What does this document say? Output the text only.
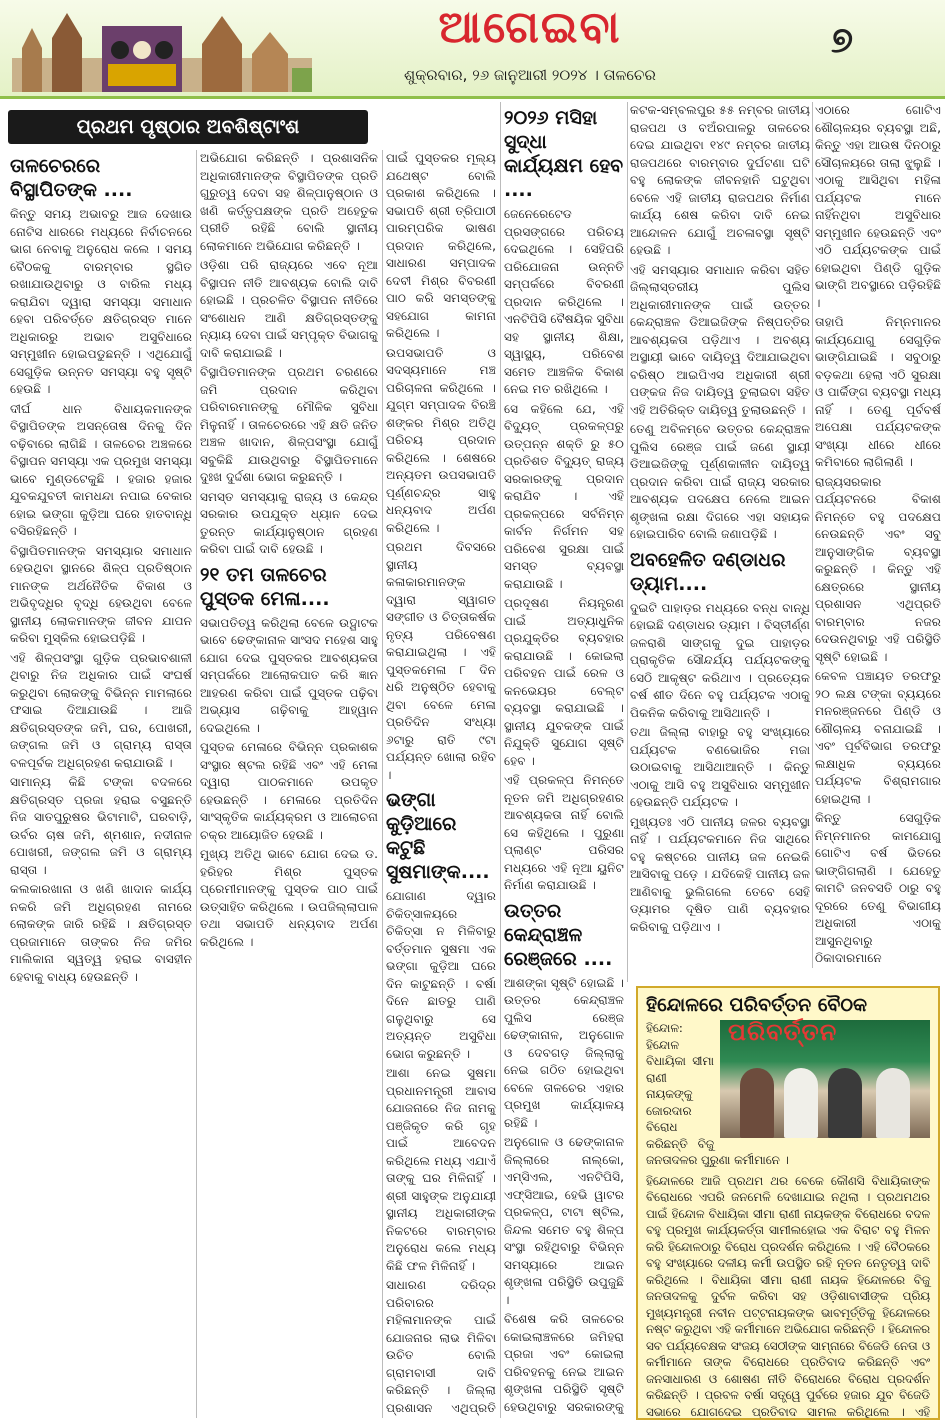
ଆଗେଇବା
ଶୁକ୍ରବାର, ୨୬ ଜାନୁଆରୀ ୨୦୨୪ । ତାଳଚେର
୭
ପ୍ରଥମ ପୃଷ୍ଠାର ଅବଶିଷ୍ଟାଂଶ
ତାଳଚେରରେ ବିସ୍ଥାପିତଙ୍କ ....

କିନ୍ତୁ ସମୟ ଅଭାବରୁ ଆଜ ଦେଖାଉ ନୋଟିସ ଧାରରେ ମଧ୍ୟରେ ନିର୍ବାଚନରେ ଭାଗ ନେବାକୁ ଅନୁରୋଧ କଲେ । ସମୟ ବୈଠକକୁ ବାରମ୍ବାର ସ୍ଥଗିତ ରଖାଯାଉଥିବାରୁ ଓ ବାରିଲ ମଧ୍ୟ କରାଯିବା ଦ୍ୱାରା ସମସ୍ୟା ସମାଧାନ ହେବା ପରିବର୍ତ୍ତେ କ୍ଷତିଗ୍ରସ୍ତ ମାନେ ଅଧିକାରରୁ ଅଭାବ ଅସୁବିଧାରେ ସମ୍ମୁଖୀନ ହୋଇପଡୁଛନ୍ତି । ଏଥିଯୋଗୁଁ ସେଗୁଡ଼ିକ ଉନ୍ନତ ସମସ୍ୟା ବହୁ ସୃଷ୍ଟି ହେଉଛି ।

ଦୀର୍ଘ ଧାନ ବିଧାୟକମାନଙ୍କ ବିସ୍ଥାପିତଙ୍କ ଅସନ୍ତୋଷ ଦିନକୁ ଦିନ ବଢ଼ିବାରେ ଲାଗିଛି । ତାଳଚେର ଅଞ୍ଚଳରେ ବିସ୍ଥାପନ ସମସ୍ୟା ଏକ ପ୍ରମୁଖ ସମସ୍ୟା ଭାବେ ମୁଣ୍ଡଟେକୁଛି । ହଜାର ହଜାର ଯୁବକଯୁବତୀ କାମଧନ୍ଦା ନପାଇ ବେକାର ହୋଇ ଭଙ୍ଗା କୁଡ଼ିଆ ଘରେ ହାତବାନ୍ଧି ବସିରହିଛନ୍ତି ।

ବିସ୍ଥାପିତମାନଙ୍କ ସମସ୍ୟାର ସମାଧାନ ହେଉଥିବା ସ୍ଥାନରେ ଶିଳ୍ପ ପ୍ରତିଷ୍ଠାନ ମାନଙ୍କ ଅର୍ଥନୈତିକ ବିକାଶ ଓ ଅଭିବୃଦ୍ଧିର ବୃଦ୍ଧି ହେଉଥିବା ବେଳେ ସ୍ଥାନୀୟ ଲୋକମାନଙ୍କ ଜୀବନ ଯାପନ କରିବା ମୁସ୍କିଲ ହୋଇପଡ଼ିଛି ।

ଏହି ଶିଳ୍ପସଂସ୍ଥା ଗୁଡ଼ିକ ପ୍ରଭାବଶାଳୀ ଥିବାରୁ ନିଜ ଅଧିକାର ପାଇଁ ସଂଘର୍ଷ କରୁଥିବା ଲୋକଙ୍କୁ ବିଭିନ୍ନ ମାମଲାରେ ଫସାଇ ଦିଆଯାଉଛି । ଆଜି କ୍ଷତିଗ୍ରସ୍ତଙ୍କ ଜମି, ଘର, ପୋଖରୀ, ଜଙ୍ଗଲ ଜମି ଓ ଗ୍ରାମ୍ୟ ରାସ୍ତା ବଳପୂର୍ବକ ଅଧିଗ୍ରହଣ କରାଯାଉଛି ।

ସାମାନ୍ୟ କିଛି ଟଙ୍କା ବଦଳରେ କ୍ଷତିଗ୍ରସ୍ତ ପ୍ରଜା ହରାଇ ବସୁଛନ୍ତି ନିଜ ସାତପୁରୁଷର ଭିଟାମାଟି, ଘରବାଡ଼ି, ଉର୍ବର ଚାଷ ଜମି, ଶ୍ମଶାନ, ନଦୀନାଳ ପୋଖରୀ, ଜଙ୍ଗଲ ଜମି ଓ ଗ୍ରାମ୍ୟ ରାସ୍ତା ।

କଲକାରଖାନା ଓ ଖଣି ଖାଦାନ କାର୍ଯ୍ୟ ନକରି ଜମି ଅଧିଗ୍ରହଣ ନାମରେ ଲୋକଙ୍କ ଜାରି ରହିଛି । କ୍ଷତିଗ୍ରସ୍ତ ପ୍ରଜାମାନେ ତାଙ୍କର ନିଜ ଜମିର ମାଲିକାନା ସ୍ୱତ୍ୱ ହରାଇ ବାସହୀନ ହେବାକୁ ବାଧ୍ୟ ହେଉଛନ୍ତି ।

ଅଭିଯୋଗ କରିଛନ୍ତି । ପ୍ରଶାସନିକ ଅଧିକାରୀମାନଙ୍କ ବିସ୍ଥାପିତଙ୍କ ପ୍ରତି ଗୁରୁତ୍ୱ ଦେବା ସହ ଶିଳ୍ପାନୁଷ୍ଠାନ ଓ ଖଣି କର୍ତ୍ତୃପକ୍ଷଙ୍କ ପ୍ରତି ଅହେତୁକ ପ୍ରୀତି ରହିଛି ବୋଲି ସ୍ଥାନୀୟ ଲୋକମାନେ ଅଭିଯୋଗ କରିଛନ୍ତି ।

ଓଡ଼ିଶା ପରି ରାଜ୍ୟରେ ଏବେ ନୂଆ ବିସ୍ଥାପନ ନୀତି ଆବଶ୍ୟକ ବୋଲି ଦାବି ହୋଇଛି । ପ୍ରଚଳିତ ବିସ୍ଥାପନ ନୀତିରେ ସଂଶୋଧନ ଆଣି କ୍ଷତିଗ୍ରସ୍ତଙ୍କୁ ନ୍ୟାୟ ଦେବା ପାଇଁ ସମ୍ପୃକ୍ତ ବିଭାଗକୁ ଦାବି କରାଯାଇଛି ।

ବିସ୍ଥାପିତମାନଙ୍କ ପ୍ରଥମ ଚରଣରେ ଜମି ପ୍ରଦାନ କରିଥିବା ପରିବାରମାନଙ୍କୁ ମୌଳିକ ସୁବିଧା ମିଳୁନାହିଁ । ତାଳଚେରରେ ଏହି କ୍ଷତି ଜନିତ ଅଞ୍ଚଳ ଖାଦାନ, ଶିଳ୍ପସଂସ୍ଥା ଯୋଗୁଁ ସବୁକିଛି ଯାଉଥିବାରୁ ବିସ୍ଥାପିତମାନେ ଦୁଃଖ ଦୁର୍ଦ୍ଦଶା ଭୋଗ କରୁଛନ୍ତି ।

ସମସ୍ତ ସମସ୍ୟାକୁ ରାଜ୍ୟ ଓ କେନ୍ଦ୍ର ସରକାର ଉପଯୁକ୍ତ ଧ୍ୟାନ ଦେଇ ତୁରନ୍ତ କାର୍ଯ୍ୟାନୁଷ୍ଠାନ ଗ୍ରହଣ କରିବା ପାଇଁ ଦାବି ହେଉଛି ।

୨୧ ତମ ତାଳଚେର ପୁସ୍ତକ ମେଳା....

ସଭାପତିତ୍ୱ କରିଥିଲା ବେଳେ ଉଦ୍ଘାଟକ ଭାବେ ଢେଙ୍କାନାଳ ସାଂସଦ ମହେଶ ସାହୁ ଯୋଗ ଦେଇ ପୁସ୍ତକର ଆବଶ୍ୟକତା ସମ୍ପର୍କରେ ଆଲୋକପାତ କରି ଜ୍ଞାନ ଆହରଣ କରିବା ପାଇଁ ପୁସ୍ତକ ପଢ଼ିବା ଅଭ୍ୟାସ ଗଢ଼ିବାକୁ ଆହ୍ୱାନ ଦେଇଥିଲେ ।

ପୁସ୍ତକ ମେଳାରେ ବିଭିନ୍ନ ପ୍ରକାଶକ ସଂସ୍ଥାର ଷ୍ଟଲ ରହିଛି ଏବଂ ଏହି ମେଳା ଦ୍ୱାରା ପାଠକମାନେ ଉପକୃତ ହେଉଛନ୍ତି । ମେଳାରେ ପ୍ରତିଦିନ ସାଂସ୍କୃତିକ କାର୍ଯ୍ୟକ୍ରମ ଓ ଆଲୋଚନା ଚକ୍ର ଆୟୋଜିତ ହେଉଛି ।

ମୁଖ୍ୟ ଅତିଥି ଭାବେ ଯୋଗ ଦେଇ ଡ. ହରିହର ମିଶ୍ର ପୁସ୍ତକ ପ୍ରେମୀମାନଙ୍କୁ ପୁସ୍ତକ ପାଠ ପାଇଁ ଉତ୍ସାହିତ କରିଥିଲେ । ଉପଜିଲ୍ଲାପାଳ ତଥା ସଭାପତି ଧନ୍ୟବାଦ ଅର୍ପଣ କରିଥିଲେ ।

ପାଇଁ ପୁସ୍ତକର ମୂଲ୍ୟ ଯଥେଷ୍ଟ ବୋଲି ପ୍ରକାଶ କରିଥିଲେ । ସଭାପତି ଶ୍ରୀ ତ୍ରିପାଠୀ ପାରମ୍ପରିକ ଭାଷଣ ପ୍ରଦାନ କରିଥିଲେ, ସାଧାରଣ ସମ୍ପାଦକ ଦେବୀ ମିଶ୍ର ବିବରଣୀ ପାଠ କରି ସମସ୍ତଙ୍କୁ ସହଯୋଗ କାମନା କରିଥିଲେ ।

ଉପସଭାପତି ଓ ସଦସ୍ୟମାନେ ମଞ୍ଚ ପରିଚାଳନା କରିଥିଲେ । ଯୁଗ୍ମ ସମ୍ପାଦକ ବିରଞ୍ଚି ଶଙ୍କର ମିଶ୍ର ଅତିଥି ପରିଚୟ ପ୍ରଦାନ କରିଥିଲେ । ଶେଷରେ ଅନ୍ୟତମ ଉପସଭାପତି ପୂର୍ଣ୍ଣଚନ୍ଦ୍ର ସାହୁ ଧନ୍ୟବାଦ ଅର୍ପଣ କରିଥିଲେ ।

ପ୍ରଥମ ଦିବସରେ ସ୍ଥାନୀୟ କଳାକାରମାନଙ୍କ ଦ୍ୱାରା ସ୍ୱାଗତ ସଙ୍ଗୀତ ଓ ଚିତ୍ତାକର୍ଷକ ନୃତ୍ୟ ପରିବେଷଣ କରାଯାଇଥିଲା । ଏହି ପୁସ୍ତକମେଳା ୮ ଦିନ ଧରି ଅନୁଷ୍ଠିତ ହେବାକୁ ଥିବା ବେଳେ ମେଳା ପ୍ରତିଦିନ ସଂଧ୍ୟା ୬ଟାରୁ ରାତି ୯ଟା ପର୍ଯ୍ୟନ୍ତ ଖୋଲା ରହିବ ।

ଭଙ୍ଗା କୁଡ଼ିଆରେ କଟୁଛି ସୁଷମାଙ୍କ....

ଯୋଗାଣ ଦ୍ୱାର ଚିକିତ୍ସାଳୟରେ ଚିକିତ୍ସା ନ ମିଳିବାରୁ ବର୍ତ୍ତମାନ ସୁଷମା ଏକ ଭଙ୍ଗା କୁଡ଼ିଆ ଘରେ ଦିନ କାଟୁଛନ୍ତି । ବର୍ଷା ଦିନେ ଛାତରୁ ପାଣି ଗଳୁଥିବାରୁ ସେ ଅତ୍ୟନ୍ତ ଅସୁବିଧା ଭୋଗ କରୁଛନ୍ତି ।

ଆଶା ନେଇ ସୁଷମା ପ୍ରଧାନମନ୍ତ୍ରୀ ଆବାସ ଯୋଜନାରେ ନିଜ ନାମକୁ ପଞ୍ଜିକୃତ କରି ଗୃହ ପାଇଁ ଆବେଦନ କରିଥିଲେ ମଧ୍ୟ ଏଯାଏଁ ତାଙ୍କୁ ଘର ମିଳିନାହିଁ । ଶ୍ରୀ ସାହୁଙ୍କ ଅନୁଯାୟୀ ସ୍ଥାନୀୟ ଅଧିକାରୀଙ୍କ ନିକଟରେ ବାରମ୍ବାର ଅନୁରୋଧ କଲେ ମଧ୍ୟ କିଛି ଫଳ ମିଳିନାହିଁ ।

ସାଧାରଣ ଦରିଦ୍ର ପରିବାରର ମହିଳାମାନଙ୍କ ପାଇଁ ଯୋଜନାର ଲାଭ ମିଳିବା ଉଚିତ ବୋଲି ଗ୍ରାମବାସୀ ଦାବି କରିଛନ୍ତି । ଜିଲ୍ଲା ପ୍ରଶାସନ ଏଥିପ୍ରତି

୨୦୨୬ ମସିହା ସୁଦ୍ଧା କାର୍ଯ୍ୟକ୍ଷମ ହେବ ....

ଜେନେରେଟେଡ ପ୍ରସଙ୍ଗରେ ପରିଚୟ ଦେଇଥିଲେ । ସେହିପରି ପରିଯୋଜନା ଉନ୍ନତି ସମ୍ପର୍କରେ ବିବରଣୀ ପ୍ରଦାନ କରିଥିଲେ । ଏନଟିପିସି ବୈଷୟିକ ସୁବିଧା ସହ ସ୍ଥାନୀୟ ଶିକ୍ଷା, ସ୍ୱାସ୍ଥ୍ୟ, ପରିବେଶ ସମେତ ଆଞ୍ଚଳିକ ବିକାଶ ନେଇ ମତ ରଖିଥିଲେ ।

ସେ କହିଲେ ଯେ, ଏହି ବିଦ୍ୟୁତ୍ ପ୍ରକଳ୍ପରୁ ଉତ୍ପନ୍ନ ଶକ୍ତି ରୁ ୫୦ ପ୍ରତିଶତ ବିଦ୍ୟୁତ୍ ରାଜ୍ୟ ସରକାରଙ୍କୁ ପ୍ରଦାନ କରାଯିବ । ଏହି ପ୍ରକଳ୍ପରେ ସର୍ବନିମ୍ନ କାର୍ବନ ନିର୍ଗମନ ସହ ପରିବେଶ ସୁରକ୍ଷା ପାଇଁ ସମସ୍ତ ବ୍ୟବସ୍ଥା କରାଯାଉଛି ।

ପ୍ରଦୂଷଣ ନିୟନ୍ତ୍ରଣ ପାଇଁ ଅତ୍ୟାଧୁନିକ ପ୍ରଯୁକ୍ତିର ବ୍ୟବହାର କରାଯାଉଛି । କୋଇଲା ପରିବହନ ପାଇଁ ରେଳ ଓ କନଭେୟର ବେଲ୍ଟ ବ୍ୟବସ୍ଥା କରାଯାଇଛି । ସ୍ଥାନୀୟ ଯୁବକଙ୍କ ପାଇଁ ନିଯୁକ୍ତି ସୁଯୋଗ ସୃଷ୍ଟି ହେବ ।

ଏହି ପ୍ରକଳ୍ପ ନିମନ୍ତେ ନୂତନ ଜମି ଅଧିଗ୍ରହଣର ଆବଶ୍ୟକତା ନାହିଁ ବୋଲି ସେ କହିଥିଲେ । ପୁରୁଣା ପ୍ଲାଣ୍ଟ ପରିସର ମଧ୍ୟରେ ଏହି ନୂଆ ୟୁନିଟ ନିର୍ମାଣ କରାଯାଉଛି ।

ଉତ୍ତର କେନ୍ଦ୍ରାଞ୍ଚଳ ରେଞ୍ଜରେ ....

ଆଶଙ୍କା ସୃଷ୍ଟି ହୋଇଛି । ଉତ୍ତର କେନ୍ଦ୍ରାଞ୍ଚଳ ପୁଲିସ ରେଞ୍ଜ ଢେଙ୍କାନାଳ, ଅନୁଗୋଳ ଓ ଦେବଗଡ଼ ଜିଲ୍ଲାକୁ ନେଇ ଗଠିତ ହୋଇଥିବା ବେଳେ ତାଳଚେର ଏହାର ପ୍ରମୁଖ କାର୍ଯ୍ୟାଳୟ ରହିଛି ।

ଅନୁଗୋଳ ଓ ଢେଙ୍କାନାଳ ଜିଲ୍ଲାରେ ନାଲ୍କୋ, ଏମ୍ସିଏଲ, ଏନଟିପିସି, ଏଫ୍ସିଆଇ, ହେଭି ୱାଟର ପ୍ରକଳ୍ପ, ଟାଟା ଷ୍ଟିଲ, ଜିନ୍ଦଲ ସମେତ ବହୁ ଶିଳ୍ପ ସଂସ୍ଥା ରହିଥିବାରୁ ବିଭିନ୍ନ ସମସ୍ୟାରେ ଆଇନ ଶୃଙ୍ଖଳା ପରିସ୍ଥିତି ଉପୁଜୁଛି ।

ବିଶେଷ କରି ତାଳଚେର କୋଇଲାଞ୍ଚଳରେ ଜମିହରା ପ୍ରଜା ଏବଂ କୋଇଲା ପରିବହନକୁ ନେଇ ଆଇନ ଶୃଙ୍ଖଳା ପରିସ୍ଥିତି ସୃଷ୍ଟି ହେଉଥିବାରୁ ସରକାରଙ୍କୁ

କଟକ-ସମ୍ବଲପୁର ୫୫ ନମ୍ବର ଜାତୀୟ ରାଜପଥ ଓ ବଅଁରପାଳରୁ ତାଳଚେର ଦେଇ ଯାଇଥିବା ୧୪୯ ନମ୍ବର ଜାତୀୟ ରାଜପଥରେ ବାରମ୍ବାର ଦୁର୍ଘଟଣା ଘଟି ବହୁ ଲୋକଙ୍କ ଜୀବନହାନି ଘଟୁଥିବା ବେଳେ ଏହି ଜାତୀୟ ରାଜପଥର ନିର୍ମାଣ କାର୍ଯ୍ୟ ଶେଷ କରିବା ଦାବି ନେଇ ଆନ୍ଦୋଳନ ଯୋଗୁଁ ଅଚଳାବସ୍ଥା ସୃଷ୍ଟି ହେଉଛି ।

ଏହି ସମସ୍ୟାର ସମାଧାନ କରିବା ସହିତ ଜିଲ୍ଲାସ୍ତରୀୟ ପୁଲିସ ଅଧିକାରୀମାନଙ୍କ ପାଇଁ ଉତ୍ତର କେନ୍ଦ୍ରାଞ୍ଚଳ ଡିଆଇଜିଙ୍କ ନିଷ୍ପତ୍ତିର ଆବଶ୍ୟକତା ପଡ଼ିଥାଏ । ଅବଶ୍ୟ ଅସ୍ଥାୟୀ ଭାବେ ଦାୟିତ୍ୱ ଦିଆଯାଇଥିବା ବରିଷ୍ଠ ଆଇପିଏସ ଅଧିକାରୀ ଶ୍ରୀ ପଙ୍କଜ ନିଜ ଦାୟିତ୍ୱ ତୁଲାଇବା ସହିତ ଏହି ଅତିରିକ୍ତ ଦାୟିତ୍ୱ ତୁଲାଉଛନ୍ତି ।

ତେଣୁ ଅବିଳମ୍ବେ ଉତ୍ତର କେନ୍ଦ୍ରାଞ୍ଚଳ ପୁଲିସ ରେଞ୍ଜ ପାଇଁ ଜଣେ ସ୍ଥାୟୀ ଡିଆଇଜିଙ୍କୁ ପୂର୍ଣ୍ଣକାଳୀନ ଦାୟିତ୍ୱ ପ୍ରଦାନ କରିବା ପାଇଁ ରାଜ୍ୟ ସରକାର ଆବଶ୍ୟକ ପଦକ୍ଷେପ ନେଲେ ଆଇନ ଶୃଙ୍ଖଳା ରକ୍ଷା ଦିଗରେ ଏହା ସହାୟକ ହୋଇପାରିବ ବୋଲି ଜଣାପଡ଼ିଛି ।

ଅବହେଳିତ ଦଣ୍ଡାଧର ଡ୍ୟାମ....

ଦୁଇଟି ପାହାଡ଼ର ମଧ୍ୟରେ ବନ୍ଧ ବାନ୍ଧି ହୋଇଛି ଦଣ୍ଡାଧର ଡ୍ୟାମ । ବିସ୍ତୀର୍ଣ୍ଣ ଜଳରାଶି ସାଙ୍ଗକୁ ଦୁଇ ପାହାଡ଼ର ପ୍ରାକୃତିକ ସୌନ୍ଦର୍ଯ୍ୟ ପର୍ଯ୍ୟଟକଙ୍କୁ ସେଠି ଆକୃଷ୍ଟ କରିଥାଏ । ପ୍ରତ୍ୟେକ ବର୍ଷ ଶୀତ ଦିନେ ବହୁ ପର୍ଯ୍ୟଟକ ଏଠାକୁ ପିକନିକ କରିବାକୁ ଆସିଥାନ୍ତି ।

ତଥା ଜିଲ୍ଲା ବାହାରୁ ବହୁ ସଂଖ୍ୟାରେ ପର୍ଯ୍ୟଟକ ବଣଭୋଜିର ମଜା ଉଠାଇବାକୁ ଆସିଥାଆନ୍ତି । କିନ୍ତୁ ଏଠାକୁ ଆସି ବହୁ ଅସୁବିଧାର ସମ୍ମୁଖୀନ ହେଉଛନ୍ତି ପର୍ଯ୍ୟଟକ ।

ମୁଖ୍ୟତଃ ଏଠି ପାନୀୟ ଜଳର ବ୍ୟବସ୍ଥା ନାହିଁ । ପର୍ଯ୍ୟଟକମାନେ ନିଜ ସାଥିରେ ବହୁ କଷ୍ଟରେ ପାନୀୟ ଜଳ ନେଇକି ଆସିବାକୁ ପଡ଼େ । ଯଦିକେହି ପାନୀୟ ଜଳ ଆଣିବାକୁ ଭୁଲିଗଲେ ତେବେ ସେହି ଡ୍ୟାମର ଦୂଷିତ ପାଣି ବ୍ୟବହାର କରିବାକୁ ପଡ଼ିଥାଏ ।

ଏଠାରେ ଗୋଟିଏ ଶୌଚାଳୟର ବ୍ୟବସ୍ଥା ଅଛି, କିନ୍ତୁ ଏହା ଆଉଷ ଦିନଠାରୁ ସୌଚାଳୟରେ ତାଲା ଝୁଲୁଛି । ଏଠାକୁ ଆସିଥିବା ମହିଳା ପର୍ଯ୍ୟଟକ ମାନେ ନାହିଁନଥିବା ଅସୁବିଧାର ସମ୍ମୁଖୀନ ହେଉଛନ୍ତି ଏବଂ ଏଠି ପର୍ଯ୍ୟଟକଙ୍କ ପାଇଁ ହୋଇଥିବା ପିଣ୍ଡି ଗୁଡ଼ିକ ଭାଙ୍ଗି ଅବସ୍ଥାରେ ପଡ଼ିରହିଛି ।

ତାହାପି ନିମ୍ନମାନର କାର୍ଯ୍ୟଯୋଗୁ ସେଗୁଡ଼ିକ ଭାଙ୍ଗିଯାଇଛି । ସବୁଠାରୁ ବଡ଼କଥା ହେଲା ଏଠି ସୁରକ୍ଷା ଓ ପାର୍କିଙ୍ଗ ବ୍ୟବସ୍ଥା ମଧ୍ୟ ନାହିଁ । ତେଣୁ ପୂର୍ବବର୍ଷ ଅପେକ୍ଷା ପର୍ଯ୍ୟଟକଙ୍କ ସଂଖ୍ୟା ଧୀରେ ଧୀରେ କମିବାରେ ଲାଗିଲାଣି ।

ରାଜ୍ୟସରକାର ପର୍ଯ୍ୟଟନରେ ବିକାଶ ନିମନ୍ତେ ବହୁ ପଦକ୍ଷେପ ନେଉଛନ୍ତି ଏବଂ ସବୁ ଆନୁସାଙ୍ଗିକ ବ୍ୟବସ୍ଥା କରୁଛନ୍ତି । କିନ୍ତୁ ଏହି କ୍ଷେତ୍ରରେ ସ୍ଥାନୀୟ ପ୍ରଶାସନ ଏଥିପ୍ରତି ବାରମ୍ବାର ନଜର ଦେଉନଥିବାରୁ ଏହି ପରିସ୍ଥିତି ସୃଷ୍ଟି ହୋଇଛି ।

କେବଳ ପଞ୍ଚାୟତ ତରଫରୁ ୨୦ ଲକ୍ଷ ଟଙ୍କା ବ୍ୟୟରେ ମନରଞ୍ଜନରେ ପିଣ୍ଡି ଓ ଶୌଚାଳୟ ବନାଯାଇଛି । ଏବଂ ପୂର୍ବବିଭାଗ ତରଫରୁ ଲକ୍ଷାଧିକ ବ୍ୟୟରେ ପର୍ଯ୍ୟଟକ ବିଶ୍ରାମଗାର ହୋଇଥିଲା ।

କିନ୍ତୁ ସେଗୁଡ଼ିକ ନିମ୍ନମାନର କାମଯୋଗୁ ଗୋଟିଏ ବର୍ଷ ଭିତରେ ଭାଙ୍ଗିଗଲାଣି । ଯେହେତୁ କାମଟି ଜନବସତି ଠାରୁ ବହୁ ଦୂରରେ ତେଣୁ ବିଭାଗୀୟ ଅଧିକାରୀ ଏଠାକୁ ଆସୁନଥିବାରୁ ଠିକାଦାରମାନେ

ହିନ୍ଦୋଳରେ ପରିବର୍ତ୍ତନ ବୈଠକ
ପରିବର୍ତ୍ତନ

ହିନ୍ଦୋଳ: ହିନ୍ଦୋଳ ବିଧାୟିକା ସୀମା ରାଣୀ ନାୟକଙ୍କୁ ଜୋରଦାର ବିରୋଧ କରିଛନ୍ତି ବିଜୁ ଜନତାଦଳର ପୁରୁଣା କର୍ମୀମାନେ ।

ହିନ୍ଦୋଳରେ ଆଜି ପ୍ରଥମ ଥର ବେକେ କୌଣସି ବିଧାୟିକାଙ୍କ ବିରୋଧରେ ଏପରି ଜନମେଳି ଦେଖାଯାଇ ନଥିଲା । ପ୍ରଥମଥର ପାଇଁ ହିନ୍ଦୋଳ ବିଧାୟିକା ସୀମା ରାଣୀ ନାୟକଙ୍କ ବିରୋଧରେ ବଦଳ ବହୁ ପ୍ରମୁଖ କାର୍ଯ୍ୟକର୍ତ୍ତା ସାମୀଲହୋଇ ଏକ ବିରାଟ ବହୁ ମିଳନ କରି ହିନ୍ଦୋଳଠାରୁ ବିରୋଧ ପ୍ରଦର୍ଶନ କରିଥିଲେ । ଏହି ବୈଠକରେ ବହୁ ସଂଖ୍ୟାରେ ଦଳୀୟ କର୍ମୀ ଉପସ୍ଥିତ ରହି ନୂତନ ନେତୃତ୍ୱ ଦାବି କରିଥିଲେ । ବିଧାୟିକା ସୀମା ରାଣୀ ନାୟକ ହିନ୍ଦୋଳରେ ବିଜୁ ଜନତାଦଳକୁ ଦୁର୍ବଳ କରିବା ସହ ଓଡ଼ିଶାବାସୀଙ୍କ ପ୍ରିୟ ମୁଖ୍ୟମନ୍ତ୍ରୀ ନବୀନ ପଟ୍ଟନାୟକଙ୍କ ଭାବମୂର୍ତ୍ତିକୁ ହିନ୍ଦୋଳରେ ନଷ୍ଟ କରୁଥିବା ଏହି କର୍ମୀମାନେ ଅଭିଯୋଗ କରିଛନ୍ତି । ହିନ୍ଦୋଳର ସବ ପର୍ଯ୍ୟବେକ୍ଷକ ସଂଜୟ ସେଠୀଙ୍କ ସାମ୍ନାରେ ବିଜେଡି ନେତା ଓ କର୍ମୀମାନେ ତାଙ୍କ ବିରୋଧରେ ପ୍ରତିବାଦ କରିଛନ୍ତି ଏବଂ ଜନସାଧାରଣ ଓ ଶୋଷଣ ନୀତି ବିରୋଧରେ ବିରୋଧ ପ୍ରଦର୍ଶନ କରିଛନ୍ତି । ପ୍ରବଳ ବର୍ଷା ସତ୍ତ୍ୱେ ପୁର୍ବରେ ହଜାର ଯୁବ ବିଜେଡି ସଭାରେ ଯୋଗଦେଇ ପ୍ରତିବାଦ ସାମଲ କରିଥିଲେ । ଏହି
